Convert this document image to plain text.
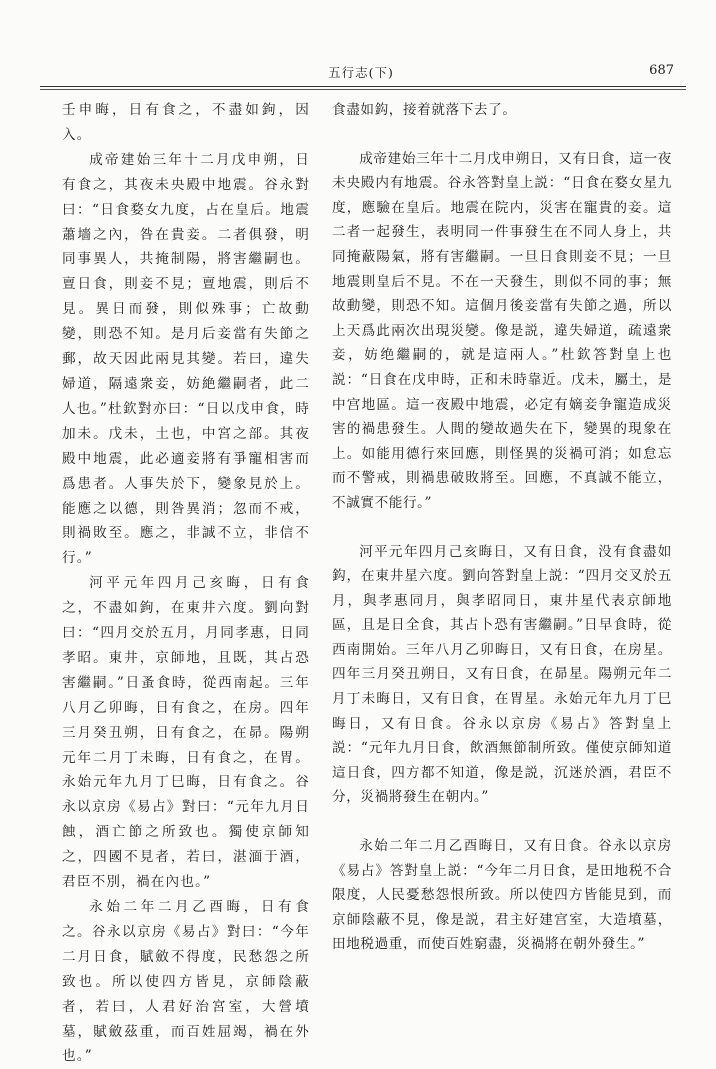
五行志(下)	687

壬申晦，日有食之，不盡如鉤，因入。

成帝建始三年十二月戊申朔，日有食之，其夜未央殿中地震。谷永對曰：“日食婺女九度，占在皇后。地震蕭墻之內，咎在貴妾。二者俱發，明同事異人，共掩制陽，將害繼嗣也。亶日食，則妾不見；亶地震，則后不見。異日而發，則似殊事；亡故動變，則恐不知。是月后妾當有失節之郵，故天因此兩見其變。若曰，違失婦道，隔遠衆妾，妨絶繼嗣者，此二人也。”杜欽對亦曰：“日以戊申食，時加未。戊未，土也，中宮之部。其夜殿中地震，此必適妾將有爭寵相害而爲患者。人事失於下，變象見於上。能應之以德，則咎異消；忽而不戒，則禍敗至。應之，非誠不立，非信不行。”

河平元年四月己亥晦，日有食之，不盡如鉤，在東井六度。劉向對曰：“四月交於五月，月同孝惠，日同孝昭。東井，京師地，且既，其占恐害繼嗣。”日蚤食時，從西南起。三年八月乙卯晦，日有食之，在房。四年三月癸丑朔，日有食之，在昴。陽朔元年二月丁未晦，日有食之，在胃。永始元年九月丁巳晦，日有食之。谷永以京房《易占》對曰：“元年九月日蝕，酒亡節之所致也。獨使京師知之，四國不見者，若曰，湛湎于酒，君臣不別，禍在內也。”

永始二年二月乙酉晦，日有食之。谷永以京房《易占》對曰：“今年二月日食，賦斂不得度，民愁怨之所致也。所以使四方皆見，京師陰蔽者，若曰，人君好治宮室，大營墳墓，賦斂茲重，而百姓屈竭，禍在外也。”

食盡如鈎，接着就落下去了。

成帝建始三年十二月戊申朔日，又有日食，這一夜未央殿内有地震。谷永答對皇上説：“日食在婺女星九度，應驗在皇后。地震在院内，災害在寵貴的妾。這二者一起發生，表明同一件事發生在不同人身上，共同掩蔽陽氣，將有害繼嗣。一旦日食則妾不見；一旦地震則皇后不見。不在一天發生，則似不同的事；無故動變，則恐不知。這個月後妾當有失節之過，所以上天爲此兩次出現災變。像是説，違失婦道，疏遠衆妾，妨绝繼嗣的，就是這兩人。”杜欽答對皇上也説：“日食在戊申時，正和未時靠近。戊未，屬土，是中宫地區。這一夜殿中地震，必定有嫡妾争寵造成災害的禍患發生。人間的變故過失在下，變異的現象在上。如能用德行來回應，則怪異的災禍可消；如怠忘而不警戒，則禍患破敗將至。回應，不真誠不能立，不誠實不能行。”

河平元年四月己亥晦日，又有日食，没有食盡如鈎，在東井星六度。劉向答對皇上説：“四月交叉於五月，與孝惠同月，與孝昭同日，東井星代表京師地區，且是日全食，其占卜恐有害繼嗣。”日早食時，從西南開始。三年八月乙卯晦日，又有日食，在房星。四年三月癸丑朔日，又有日食，在昴星。陽朔元年二月丁未晦日，又有日食，在胃星。永始元年九月丁巳晦日，又有日食。谷永以京房《易占》答對皇上説：“元年九月日食，飲酒無節制所致。僅使京師知道這日食，四方都不知道，像是説，沉迷於酒，君臣不分，災禍將發生在朝内。”

永始二年二月乙酉晦日，又有日食。谷永以京房《易占》答對皇上説：“今年二月日食，是田地税不合限度，人民憂愁怨恨所致。所以使四方皆能見到，而京師陰蔽不見，像是説，君主好建宫室，大造墳墓，田地税過重，而使百姓窮盡，災禍將在朝外發生。”
